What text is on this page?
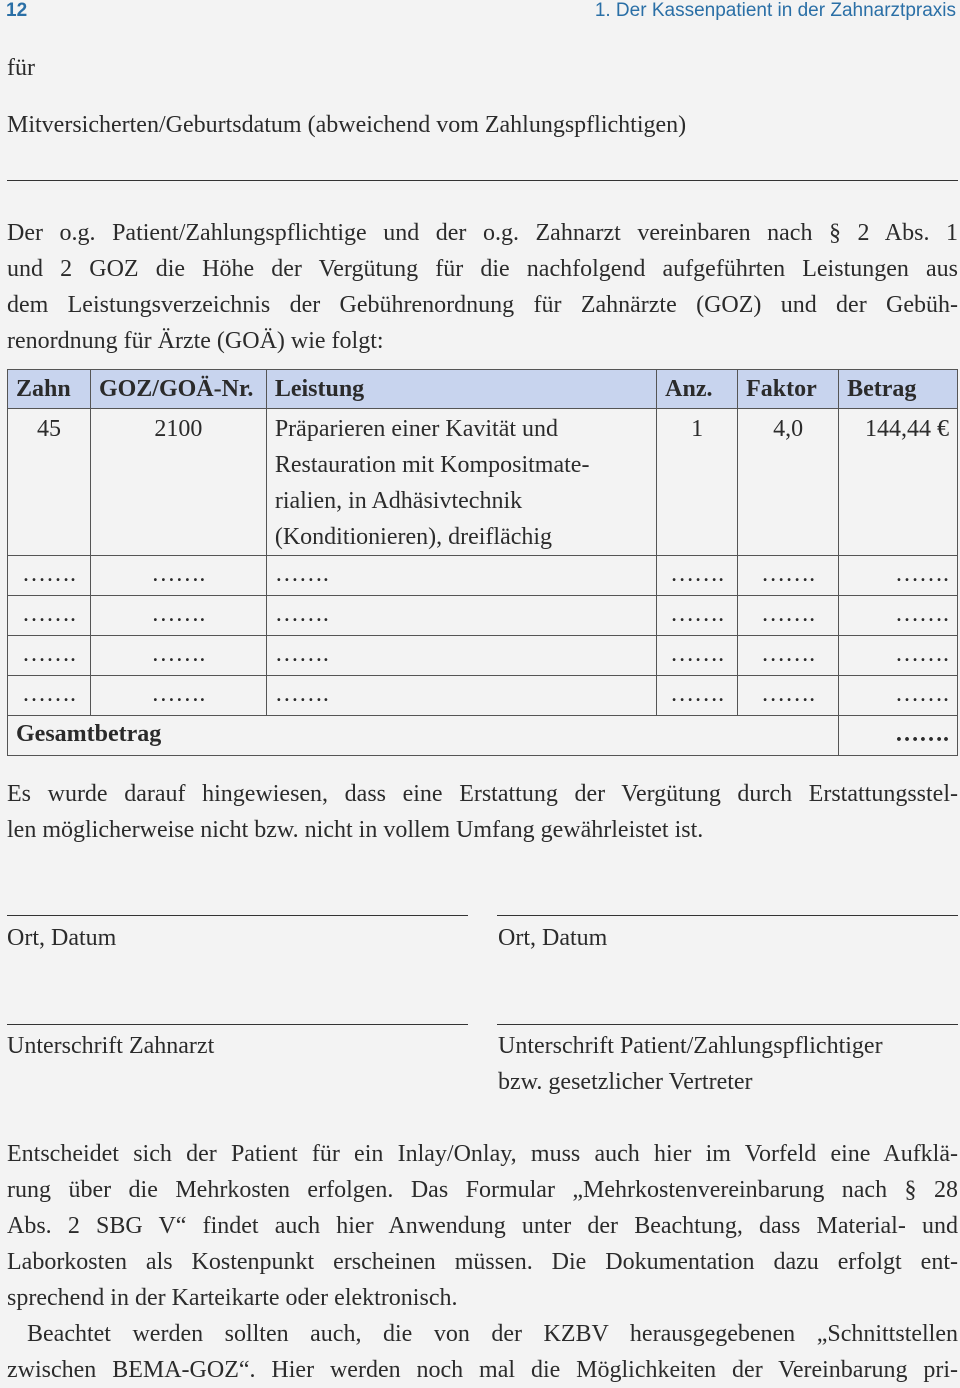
12	1. Der Kassenpatient in der Zahnarztpraxis

für

Mitversicherten/Geburtsdatum (abweichend vom Zahlungspflichtigen)

Der o.g. Patient/Zahlungspflichtige und der o.g. Zahnarzt vereinbaren nach § 2 Abs. 1

und 2 GOZ die Höhe der Vergütung für die nachfolgend aufgeführten Leistungen aus

dem Leistungsverzeichnis der Gebührenordnung für Zahnärzte (GOZ) und der Gebüh-

renordnung für Ärzte (GOÄ) wie folgt:

Zahn	GOZ/GOÄ-Nr.	Leistung	Anz.	Faktor	Betrag
45	2100	Präparieren einer Kavität und
Restauration mit Kompositmate-
rialien, in Adhäsivtechnik
(Konditionieren), dreiflächig	1	4,0	144,44 €
…….	…….	…….	…….	…….	…….
…….	…….	…….	…….	…….	…….
…….	…….	…….	…….	…….	…….
…….	…….	…….	…….	…….	…….
Gesamtbetrag					…….

Es wurde darauf hingewiesen, dass eine Erstattung der Vergütung durch Erstattungsstel-

len möglicherweise nicht bzw. nicht in vollem Umfang gewährleistet ist.

Ort, Datum	Ort, Datum
Unterschrift Zahnarzt	Unterschrift Patient/Zahlungspflichtiger
bzw. gesetzlicher Vertreter

Entscheidet sich der Patient für ein Inlay/Onlay, muss auch hier im Vorfeld eine Aufklä-

rung über die Mehrkosten erfolgen. Das Formular „Mehrkostenvereinbarung nach § 28

Abs. 2 SBG V“ findet auch hier Anwendung unter der Beachtung, dass Material- und

Laborkosten als Kostenpunkt erscheinen müssen. Die Dokumentation dazu erfolgt ent-

sprechend in der Karteikarte oder elektronisch.

Beachtet werden sollten auch, die von der KZBV herausgegebenen „Schnittstellen

zwischen BEMA-GOZ“. Hier werden noch mal die Möglichkeiten der Vereinbarung pri-
